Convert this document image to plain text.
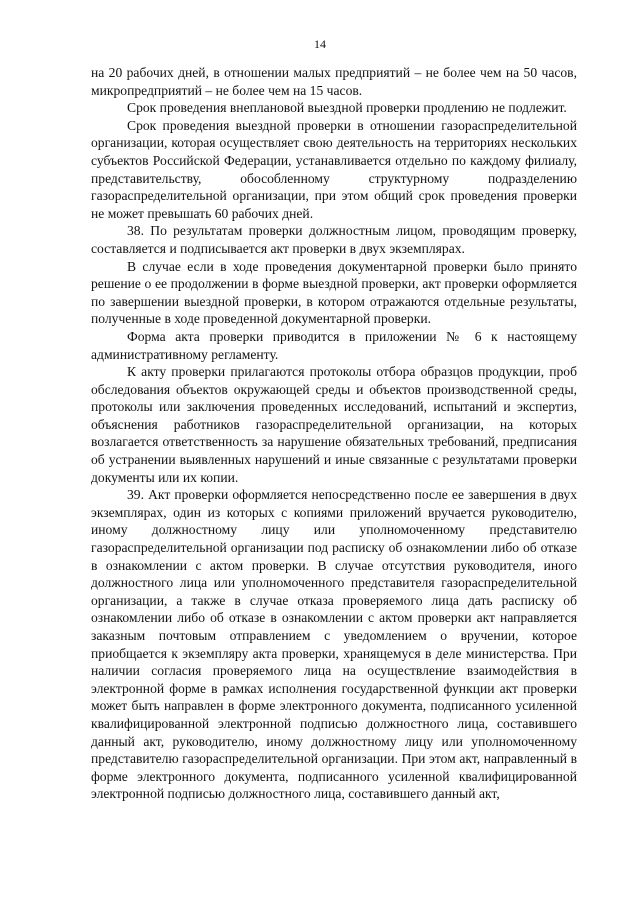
14

на 20 рабочих дней, в отношении малых предприятий – не более чем на 50 часов, микропредприятий – не более чем на 15 часов.

Срок проведения внеплановой выездной проверки продлению не подлежит.

Срок проведения выездной проверки в отношении газораспределительной организации, которая осуществляет свою деятельность на территориях нескольких субъектов Российской Федерации, устанавливается отдельно по каждому филиалу, представительству, обособленному структурному подразделению газораспределительной организации, при этом общий срок проведения проверки не может превышать 60 рабочих дней.

38. По результатам проверки должностным лицом, проводящим проверку, составляется и подписывается акт проверки в двух экземплярах.

В случае если в ходе проведения документарной проверки было принято решение о ее продолжении в форме выездной проверки, акт проверки оформляется по завершении выездной проверки, в котором отражаются отдельные результаты, полученные в ходе проведенной документарной проверки.

Форма акта проверки приводится в приложении № 6 к настоящему административному регламенту.

К акту проверки прилагаются протоколы отбора образцов продукции, проб обследования объектов окружающей среды и объектов производственной среды, протоколы или заключения проведенных исследований, испытаний и экспертиз, объяснения работников газораспределительной организации, на которых возлагается ответственность за нарушение обязательных требований, предписания об устранении выявленных нарушений и иные связанные с результатами проверки документы или их копии.

39. Акт проверки оформляется непосредственно после ее завершения в двух экземплярах, один из которых с копиями приложений вручается руководителю, иному должностному лицу или уполномоченному представителю газораспределительной организации под расписку об ознакомлении либо об отказе в ознакомлении с актом проверки. В случае отсутствия руководителя, иного должностного лица или уполномоченного представителя газораспределительной организации, а также в случае отказа проверяемого лица дать расписку об ознакомлении либо об отказе в ознакомлении с актом проверки акт направляется заказным почтовым отправлением с уведомлением о вручении, которое приобщается к экземпляру акта проверки, хранящемуся в деле министерства. При наличии согласия проверяемого лица на осуществление взаимодействия в электронной форме в рамках исполнения государственной функции акт проверки может быть направлен в форме электронного документа, подписанного усиленной квалифицированной электронной подписью должностного лица, составившего данный акт, руководителю, иному должностному лицу или уполномоченному представителю газораспределительной организации. При этом акт, направленный в форме электронного документа, подписанного усиленной квалифицированной электронной подписью должностного лица, составившего данный акт,
